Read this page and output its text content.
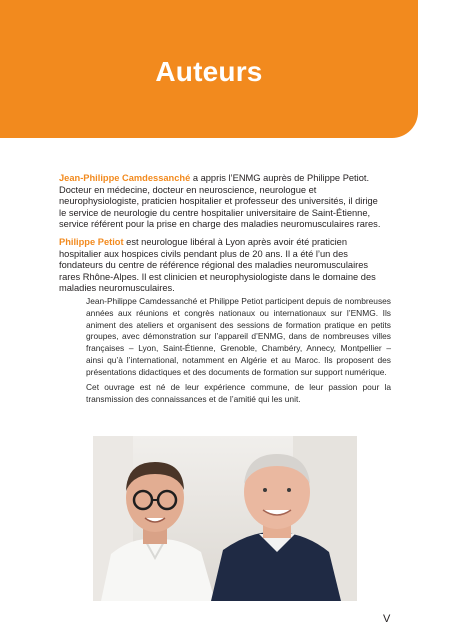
Auteurs

Jean-Philippe Camdessanché a appris l’ENMG auprès de Philippe Petiot. Docteur en médecine, docteur en neuroscience, neurologue et neurophysiologiste, praticien hospitalier et professeur des universités, il dirige le service de neurologie du centre hospitalier universitaire de Saint-Étienne, service référent pour la prise en charge des maladies neuromusculaires rares.

Philippe Petiot est neurologue libéral à Lyon après avoir été praticien hospitalier aux hospices civils pendant plus de 20 ans. Il a été l’un des fondateurs du centre de référence régional des maladies neuromusculaires rares Rhône-Alpes. Il est clinicien et neurophysiologiste dans le domaine des maladies neuromusculaires.

Jean-Philippe Camdessanché et Philippe Petiot participent depuis de nombreuses années aux réunions et congrès nationaux ou internationaux sur l’ENMG. Ils animent des ateliers et organisent des sessions de formation pratique en petits groupes, avec démonstration sur l’appareil d’ENMG, dans de nombreuses villes françaises – Lyon, Saint-Étienne, Grenoble, Chambéry, Annecy, Montpellier – ainsi qu’à l’international, notamment en Algérie et au Maroc. Ils proposent des présentations didactiques et des documents de formation sur support numérique.

Cet ouvrage est né de leur expérience commune, de leur passion pour la transmission des connaissances et de l’amitié qui les unit.

V
